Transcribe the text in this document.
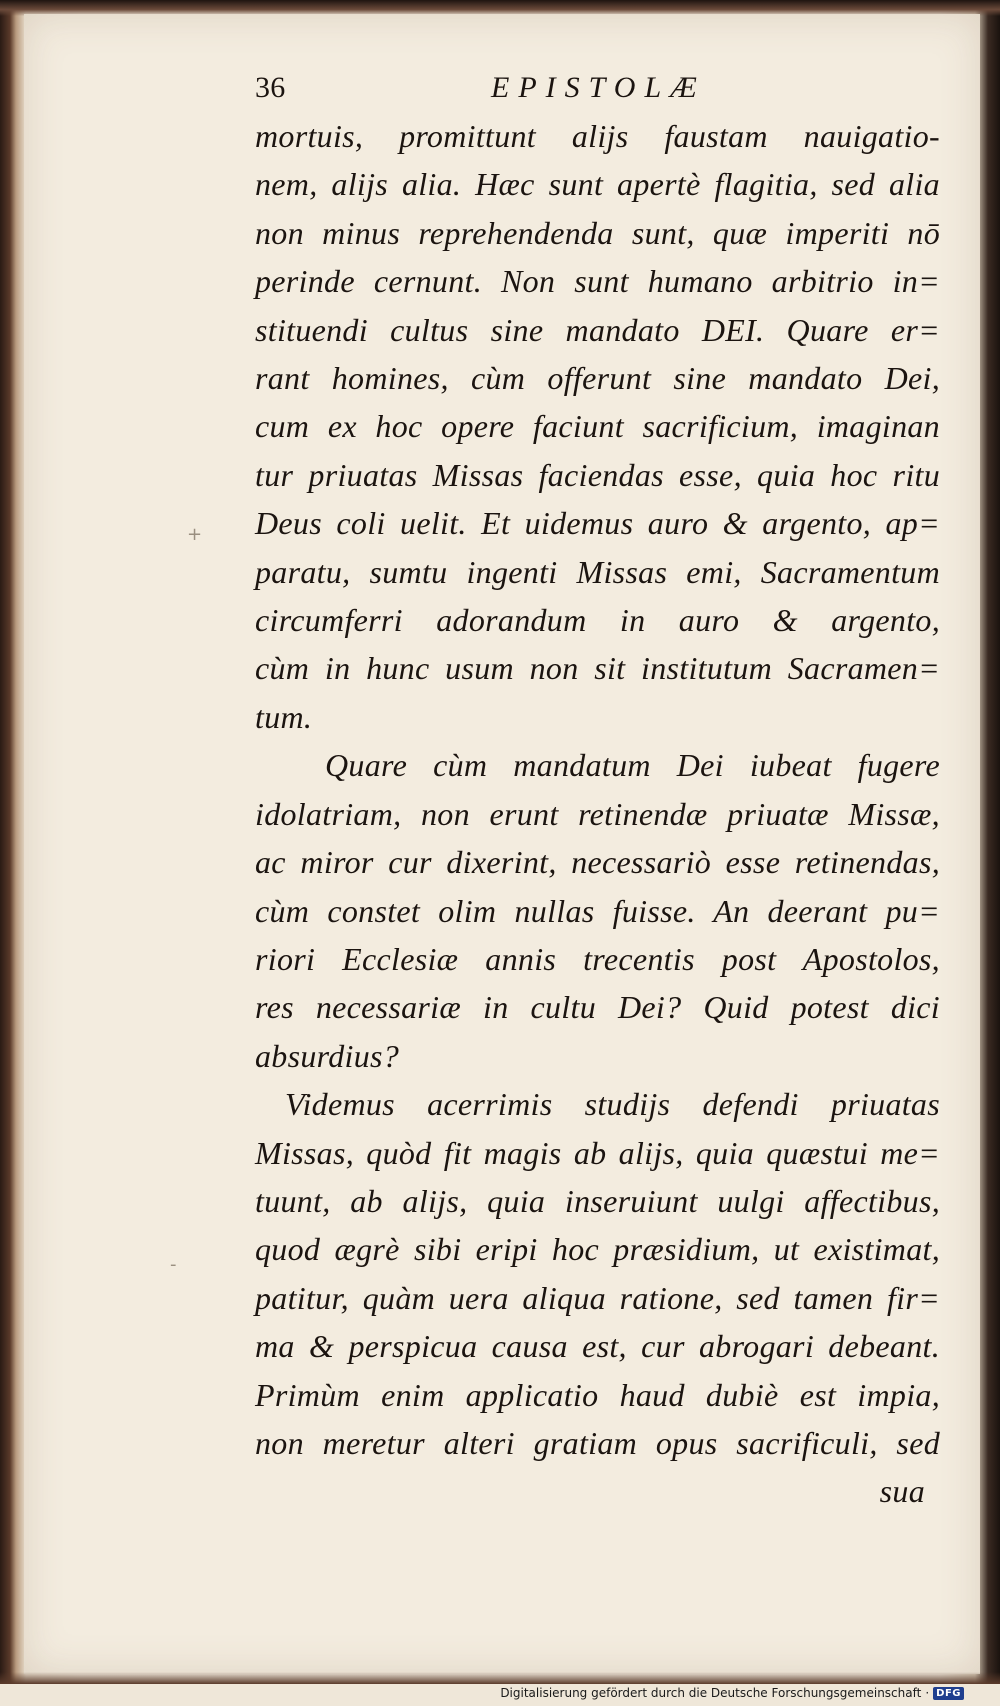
+
-
36	EPISTOLÆ
mortuis, promittunt alijs faustam nauigatio-
nem, alijs alia. Hæc sunt apertè flagitia, sed alia
non minus reprehendenda sunt, quæ imperiti nō
perinde cernunt. Non sunt humano arbitrio in=
stituendi cultus sine mandato DEI. Quare er=
rant homines, cùm offerunt sine mandato Dei,
cum ex hoc opere faciunt sacrificium, imaginan
tur priuatas Missas faciendas esse, quia hoc ritu
Deus coli uelit. Et uidemus auro & argento, ap=
paratu, sumtu ingenti Missas emi, Sacramentum
circumferri adorandum in auro & argento,
cùm in hunc usum non sit institutum Sacramen=
tum.
Quare cùm mandatum Dei iubeat fugere
idolatriam, non erunt retinendæ priuatæ Missæ,
ac miror cur dixerint, necessariò esse retinendas,
cùm constet olim nullas fuisse. An deerant pu=
riori Ecclesiæ annis trecentis post Apostolos,
res necessariæ in cultu Dei? Quid potest dici
absurdius?
Videmus acerrimis studijs defendi priuatas
Missas, quòd fit magis ab alijs, quia quæstui me=
tuunt, ab alijs, quia inseruiunt uulgi affectibus,
quod ægrè sibi eripi hoc præsidium, ut existimat,
patitur, quàm uera aliqua ratione, sed tamen fir=
ma & perspicua causa est, cur abrogari debeant.
Primùm enim applicatio haud dubiè est impia,
non meretur alteri gratiam opus sacrificuli, sed
sua
Digitalisierung gefördert durch die Deutsche Forschungsgemeinschaft · DFG
